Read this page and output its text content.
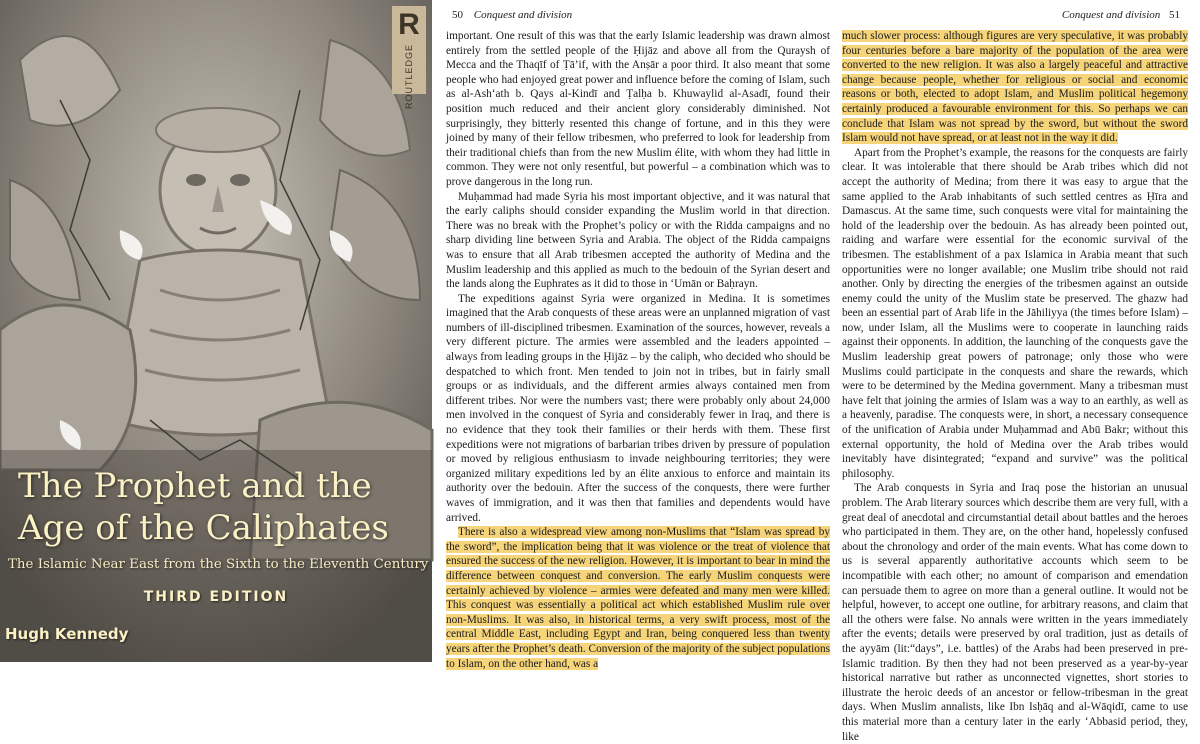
R
ROUTLEDGE
The Prophet and the
Age of the Caliphates
The Islamic Near East from the Sixth to the Eleventh Century
THIRD EDITION
Hugh Kennedy
50 Conquest and division

important. One result of this was that the early Islamic leadership was drawn almost entirely from the settled people of the Ḥijāz and above all from the Quraysh of Mecca and the Thaqīf of Ṭā’if, with the Anṣār a poor third. It also meant that some people who had enjoyed great power and influence before the coming of Islam, such as al-Ash‘ath b. Qays al-Kindī and Ṭalḥa b. Khuwaylid al-Asadī, found their position much reduced and their ancient glory considerably diminished. Not surprisingly, they bitterly resented this change of fortune, and in this they were joined by many of their fellow tribesmen, who preferred to look for leadership from their traditional chiefs than from the new Muslim élite, with whom they had little in common. They were not only resentful, but powerful – a combination which was to prove dangerous in the long run.

Muḥammad had made Syria his most important objective, and it was natural that the early caliphs should consider expanding the Muslim world in that direction. There was no break with the Prophet’s policy or with the Ridda campaigns and no sharp dividing line between Syria and Arabia. The object of the Ridda campaigns was to ensure that all Arab tribesmen accepted the authority of Medina and the Muslim leadership and this applied as much to the bedouin of the Syrian desert and the lands along the Euphrates as it did to those in ‘Umān or Baḥrayn.

The expeditions against Syria were organized in Medina. It is sometimes imagined that the Arab conquests of these areas were an unplanned migration of vast numbers of ill-disciplined tribesmen. Examination of the sources, however, reveals a very different picture. The armies were assembled and the leaders appointed – always from leading groups in the Ḥijāz – by the caliph, who decided who should be despatched to which front. Men tended to join not in tribes, but in fairly small groups or as individuals, and the different armies always contained men from different tribes. Nor were the numbers vast; there were probably only about 24,000 men involved in the conquest of Syria and considerably fewer in Iraq, and there is no evidence that they took their families or their herds with them. These first expeditions were not migrations of barbarian tribes driven by pressure of population or moved by religious enthusiasm to invade neighbouring territories; they were organized military expeditions led by an élite anxious to enforce and maintain its authority over the bedouin. After the success of the conquests, there were further waves of immigration, and it was then that families and dependents would have arrived.

There is also a widespread view among non-Muslims that “Islam was spread by the sword”, the implication being that it was violence or the treat of violence that ensured the success of the new religion. However, it is important to bear in mind the difference between conquest and conversion. The early Muslim conquests were certainly achieved by violence – armies were defeated and many men were killed. This conquest was essentially a political act which established Muslim rule over non-Muslims. It was also, in historical terms, a very swift process, most of the central Middle East, including Egypt and Iran, being conquered less than twenty years after the Prophet’s death. Conversion of the majority of the subject populations to Islam, on the other hand, was a

Conquest and division 51

much slower process: although figures are very speculative, it was probably four centuries before a bare majority of the population of the area were converted to the new religion. It was also a largely peaceful and attractive change because people, whether for religious or social and economic reasons or both, elected to adopt Islam, and Muslim political hegemony certainly produced a favourable environment for this. So perhaps we can conclude that Islam was not spread by the sword, but without the sword Islam would not have spread, or at least not in the way it did.

Apart from the Prophet’s example, the reasons for the conquests are fairly clear. It was intolerable that there should be Arab tribes which did not accept the authority of Medina; from there it was easy to argue that the same applied to the Arab inhabitants of such settled centres as Ḥīra and Damascus. At the same time, such conquests were vital for maintaining the hold of the leadership over the bedouin. As has already been pointed out, raiding and warfare were essential for the economic survival of the tribesmen. The establishment of a pax Islamica in Arabia meant that such opportunities were no longer available; one Muslim tribe should not raid another. Only by directing the energies of the tribesmen against an outside enemy could the unity of the Muslim state be preserved. The ghazw had been an essential part of Arab life in the Jāhiliyya (the times before Islam) – now, under Islam, all the Muslims were to cooperate in launching raids against their opponents. In addition, the launching of the conquests gave the Muslim leadership great powers of patronage; only those who were Muslims could participate in the conquests and share the rewards, which were to be determined by the Medina government. Many a tribesman must have felt that joining the armies of Islam was a way to an earthly, as well as a heavenly, paradise. The conquests were, in short, a necessary consequence of the unification of Arabia under Muḥammad and Abū Bakr; without this external opportunity, the hold of Medina over the Arab tribes would inevitably have disintegrated; “expand and survive” was the political philosophy.

The Arab conquests in Syria and Iraq pose the historian an unusual problem. The Arab literary sources which describe them are very full, with a great deal of anecdotal and circumstantial detail about battles and the heroes who participated in them. They are, on the other hand, hopelessly confused about the chronology and order of the main events. What has come down to us is several apparently authoritative accounts which seem to be incompatible with each other; no amount of comparison and emendation can persuade them to agree on more than a general outline. It would not be helpful, however, to accept one outline, for arbitrary reasons, and claim that all the others were false. No annals were written in the years immediately after the events; details were preserved by oral tradition, just as details of the ayyām (lit:“days”, i.e. battles) of the Arabs had been preserved in pre-Islamic tradition. By then they had not been preserved as a year-by-year historical narrative but rather as unconnected vignettes, short stories to illustrate the heroic deeds of an ancestor or fellow-tribesman in the great days. When Muslim annalists, like Ibn Isḥāq and al-Wāqidī, came to use this material more than a century later in the early ‘Abbasid period, they, like
